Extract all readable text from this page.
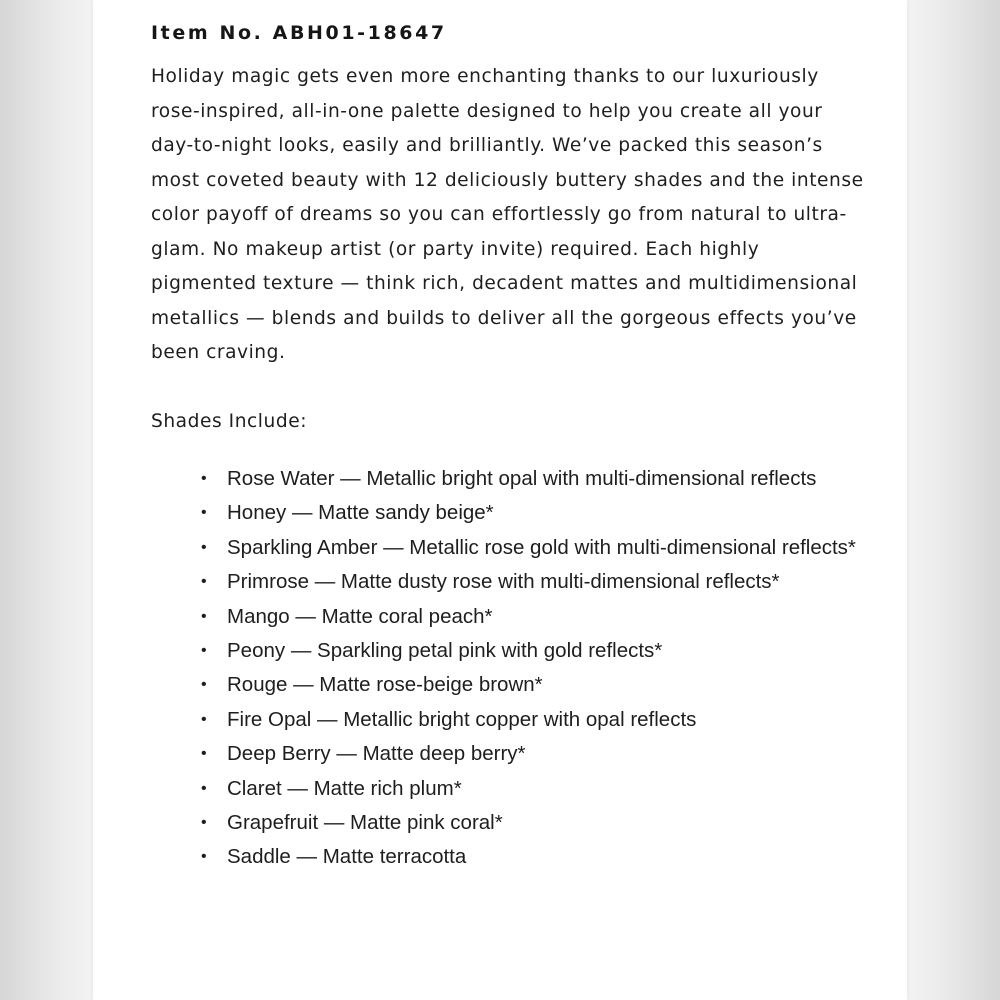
Item No. ABH01-18647

Holiday magic gets even more enchanting thanks to our luxuriously rose-inspired, all-in-one palette designed to help you create all your day-to-night looks, easily and brilliantly. We’ve packed this season’s most coveted beauty with 12 deliciously buttery shades and the intense color payoff of dreams so you can effortlessly go from natural to ultra-glam. No makeup artist (or party invite) required. Each highly pigmented texture — think rich, decadent mattes and multidimensional metallics — blends and builds to deliver all the gorgeous effects you’ve been craving.

Shades Include:
• Rose Water — Metallic bright opal with multi-dimensional reflects
• Honey — Matte sandy beige*
• Sparkling Amber — Metallic rose gold with multi-dimensional reflects*
• Primrose — Matte dusty rose with multi-dimensional reflects*
• Mango — Matte coral peach*
• Peony — Sparkling petal pink with gold reflects*
• Rouge — Matte rose-beige brown*
• Fire Opal — Metallic bright copper with opal reflects
• Deep Berry — Matte deep berry*
• Claret — Matte rich plum*
• Grapefruit — Matte pink coral*
• Saddle — Matte terracotta
